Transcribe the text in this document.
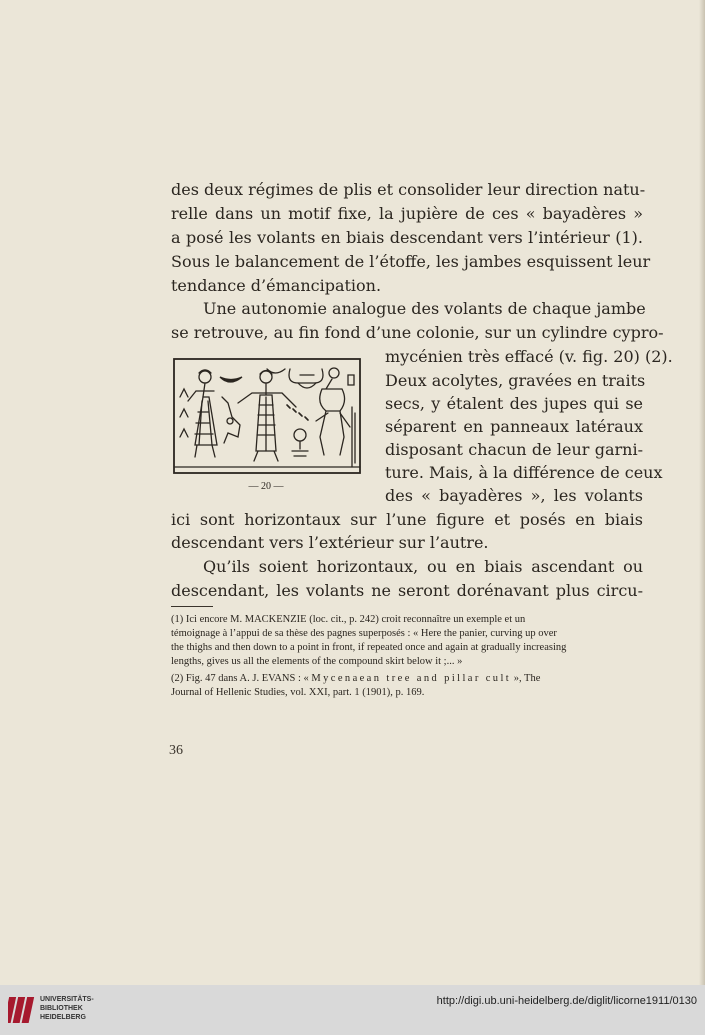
des deux régimes de plis et consolider leur direction natu-

relle dans un motif fixe, la jupière de ces « bayadères »

a posé les volants en biais descendant vers l’intérieur (1).

Sous le balancement de l’étoffe, les jambes esquissent leur

tendance d’émancipation.

Une autonomie analogue des volants de chaque jambe

se retrouve, au fin fond d’une colonie, sur un cylindre cypro-

mycénien très effacé (v. fig. 20) (2).

Deux acolytes, gravées en traits

secs, y étalent des jupes qui se

séparent en panneaux latéraux

disposant chacun de leur garni-

ture. Mais, à la différence de ceux

des « bayadères », les volants

ici sont horizontaux sur l’une figure et posés en biais

descendant vers l’extérieur sur l’autre.

Qu’ils soient horizontaux, ou en biais ascendant ou

descendant, les volants ne seront dorénavant plus circu-

— 20 —

(1) Ici encore M. MACKENZIE (loc. cit., p. 242) croit reconnaître un exemple et un

témoignage à l’appui de sa thèse des pagnes superposés : « Here the panier, curving up over

the thighs and then down to a point in front, if repeated once and again at gradually increasing

lengths, gives us all the elements of the compound skirt below it ;... »

(2) Fig. 47 dans A. J. EVANS : « Mycenaean tree and pillar cult », The

Journal of Hellenic Studies, vol. XXI, part. 1 (1901), p. 169.

36
UNIVERSITÄTS-
BIBLIOTHEK
HEIDELBERG
http://digi.ub.uni-heidelberg.de/diglit/licorne1911/0130
